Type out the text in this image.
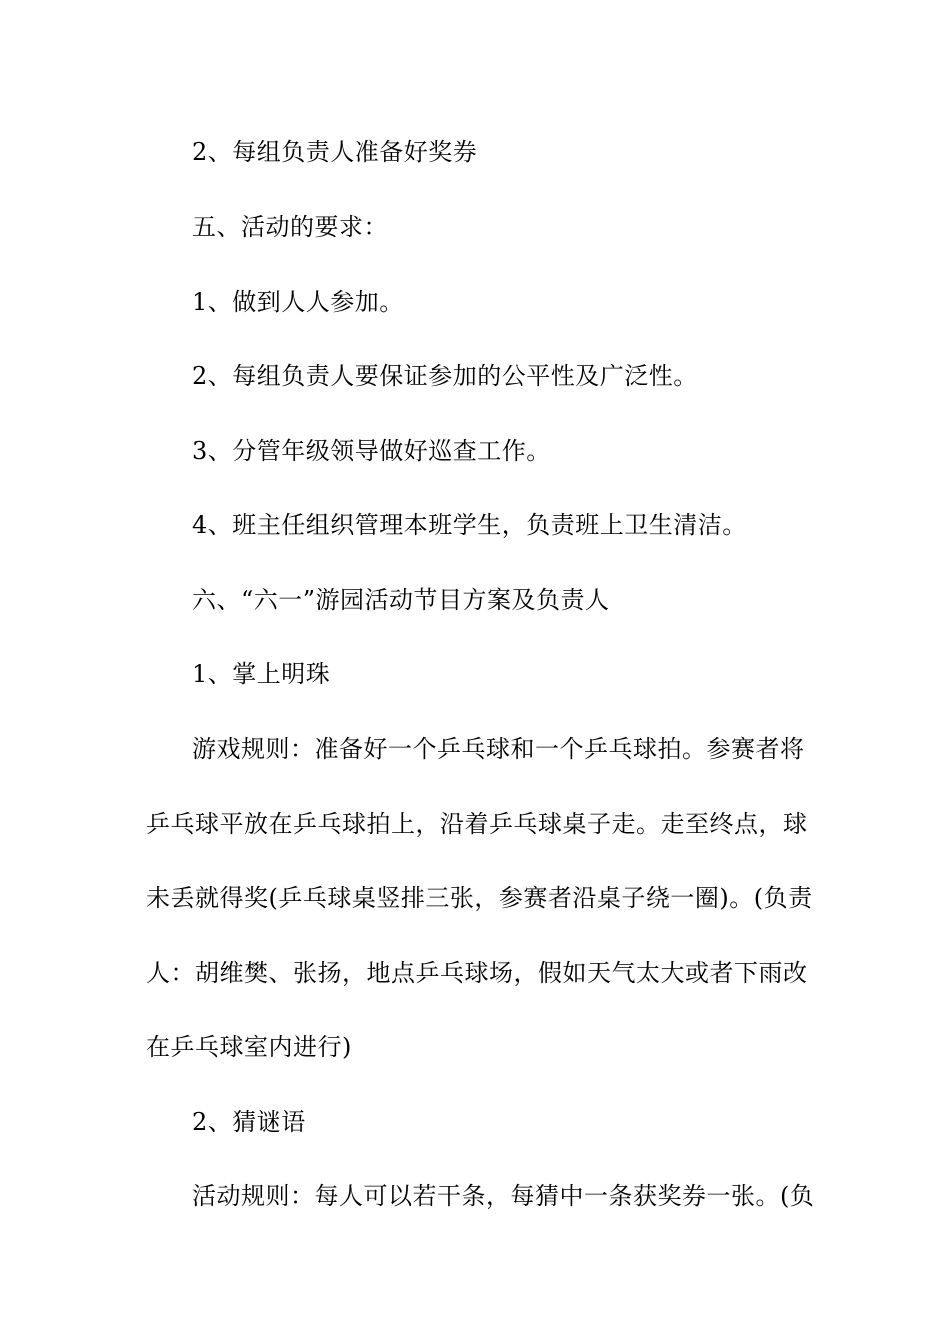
2、每组负责人准备好奖券
五、活动的要求：
1、做到人人参加。
2、每组负责人要保证参加的公平性及广泛性。
3、分管年级领导做好巡查工作。
4、班主任组织管理本班学生，负责班上卫生清洁。
六、“六一”游园活动节目方案及负责人
1、掌上明珠
游戏规则：准备好一个乒乓球和一个乒乓球拍。参赛者将
乒乓球平放在乒乓球拍上，沿着乒乓球桌子走。走至终点，球
未丢就得奖(乒乓球桌竖排三张，参赛者沿桌子绕一圈)。(负责
人：胡维樊、张扬，地点乒乓球场，假如天气太大或者下雨改
在乒乓球室内进行)
2、猜谜语
活动规则：每人可以若干条，每猜中一条获奖券一张。(负
